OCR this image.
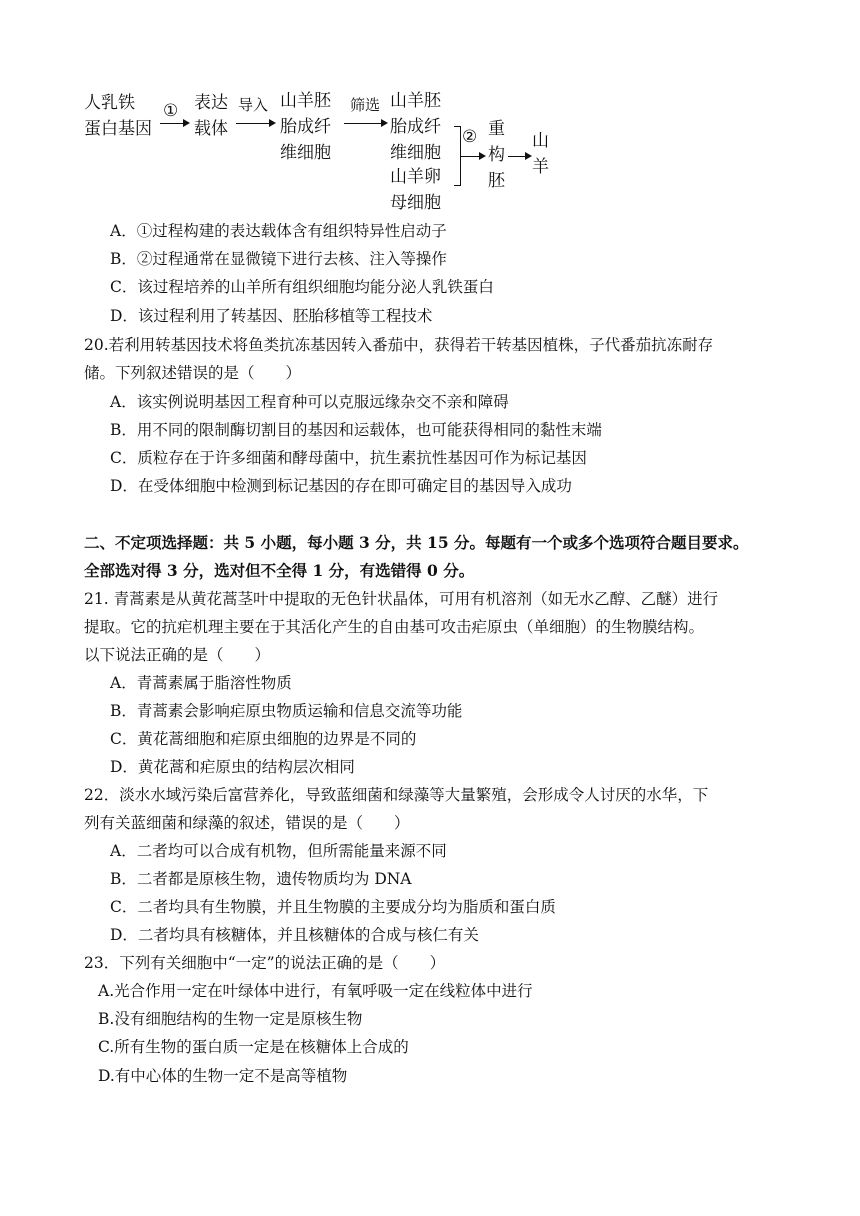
人乳铁
蛋白基因
① 表达
载体
导入 山羊胚
胎成纤
维细胞
筛选 山羊胚
胎成纤
维细胞
山羊卵
母细胞
② 重
构
胚
山
羊
A．①过程构建的表达载体含有组织特异性启动子
B．②过程通常在显微镜下进行去核、注入等操作
C．该过程培养的山羊所有组织细胞均能分泌人乳铁蛋白
D．该过程利用了转基因、胚胎移植等工程技术
20.若利用转基因技术将鱼类抗冻基因转入番茄中，获得若干转基因植株，子代番茄抗冻耐存
储。下列叙述错误的是（　　）
A．该实例说明基因工程育种可以克服远缘杂交不亲和障碍
B．用不同的限制酶切割目的基因和运载体，也可能获得相同的黏性末端
C．质粒存在于许多细菌和酵母菌中，抗生素抗性基因可作为标记基因
D．在受体细胞中检测到标记基因的存在即可确定目的基因导入成功
二、不定项选择题：共 5 小题，每小题 3 分，共 15 分。每题有一个或多个选项符合题目要求。
全部选对得 3 分，选对但不全得 1 分，有选错得 0 分。
21. 青蒿素是从黄花蒿茎叶中提取的无色针状晶体，可用有机溶剂（如无水乙醇、乙醚）进行
提取。它的抗疟机理主要在于其活化产生的自由基可攻击疟原虫（单细胞）的生物膜结构。
以下说法正确的是（　　）
A．青蒿素属于脂溶性物质
B．青蒿素会影响疟原虫物质运输和信息交流等功能
C．黄花蒿细胞和疟原虫细胞的边界是不同的
D．黄花蒿和疟原虫的结构层次相同
22．淡水水域污染后富营养化，导致蓝细菌和绿藻等大量繁殖，会形成令人讨厌的水华，下
列有关蓝细菌和绿藻的叙述，错误的是（　　）
A．二者均可以合成有机物，但所需能量来源不同
B．二者都是原核生物，遗传物质均为 DNA
C．二者均具有生物膜，并且生物膜的主要成分均为脂质和蛋白质
D．二者均具有核糖体，并且核糖体的合成与核仁有关
23．下列有关细胞中“一定”的说法正确的是（　　）
A.光合作用一定在叶绿体中进行，有氧呼吸一定在线粒体中进行
B.没有细胞结构的生物一定是原核生物
C.所有生物的蛋白质一定是在核糖体上合成的
D.有中心体的生物一定不是高等植物
